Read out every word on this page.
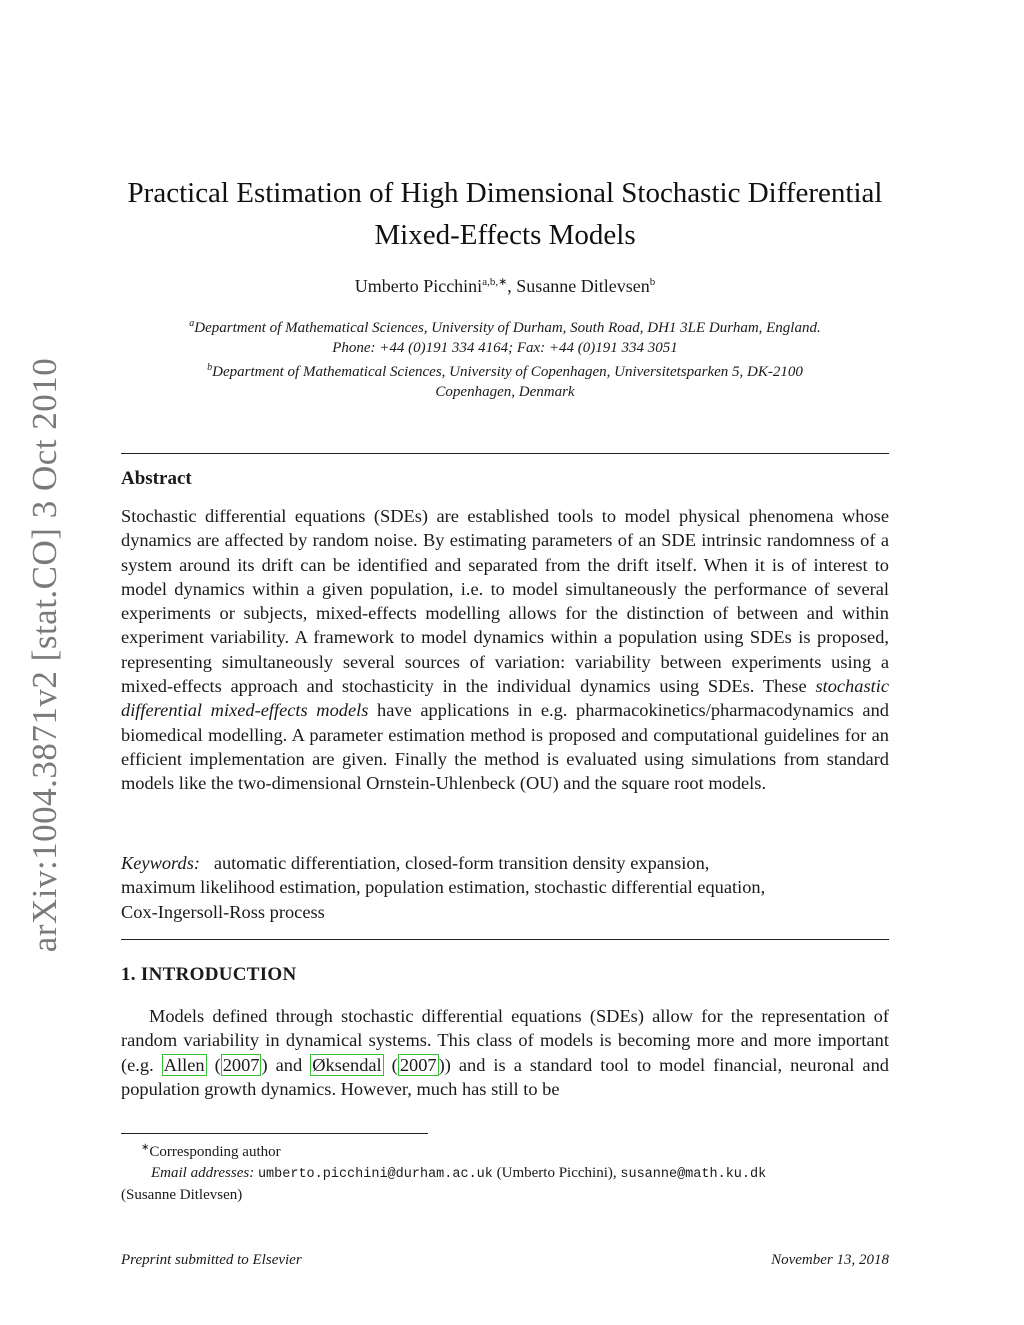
arXiv:1004.3871v2 [stat.CO] 3 Oct 2010
Practical Estimation of High Dimensional Stochastic Differential
Mixed-Effects Models
Umberto Picchini$^{a,b,∗}$, Susanne Ditlevsen$^b$
$^a$Department of Mathematical Sciences, University of Durham, South Road, DH1 3LE Durham, England.
Phone: +44 (0)191 334 4164; Fax: +44 (0)191 334 3051
$^b$Department of Mathematical Sciences, University of Copenhagen, Universitetsparken 5, DK-2100
Copenhagen, Denmark
Abstract
Stochastic differential equations (SDEs) are established tools to model physical phenomena whose dynamics are affected by random noise. By estimating parameters of an SDE intrinsic randomness of a system around its drift can be identified and separated from the drift itself. When it is of interest to model dynamics within a given population, i.e. to model simultaneously the performance of several experiments or subjects, mixed-effects modelling allows for the distinction of between and within experiment variability. A framework to model dynamics within a population using SDEs is proposed, representing simultaneously several sources of variation: variability between experiments using a mixed-effects approach and stochasticity in the individual dynamics using SDEs. These stochastic differential mixed-effects models have applications in e.g. pharmacokinetics/pharmacodynamics and biomedical modelling. A parameter estimation method is proposed and computational guidelines for an efficient implementation are given. Finally the method is evaluated using simulations from standard models like the two-dimensional Ornstein-Uhlenbeck (OU) and the square root models.
Keywords: automatic differentiation, closed-form transition density expansion,
maximum likelihood estimation, population estimation, stochastic differential equation,
Cox-Ingersoll-Ross process
1. INTRODUCTION
Models defined through stochastic differential equations (SDEs) allow for the representation of random variability in dynamical systems. This class of models is becoming more and more important (e.g. Allen ( 2007 ) and Øksendal ( 2007 )) and is a standard tool to model financial, neuronal and population growth dynamics. However, much has still to be
∗Corresponding author
Email addresses: umberto.picchini@durham.ac.uk (Umberto Picchini), susanne@math.ku.dk
(Susanne Ditlevsen)
Preprint submitted to Elsevier	November 13, 2018
